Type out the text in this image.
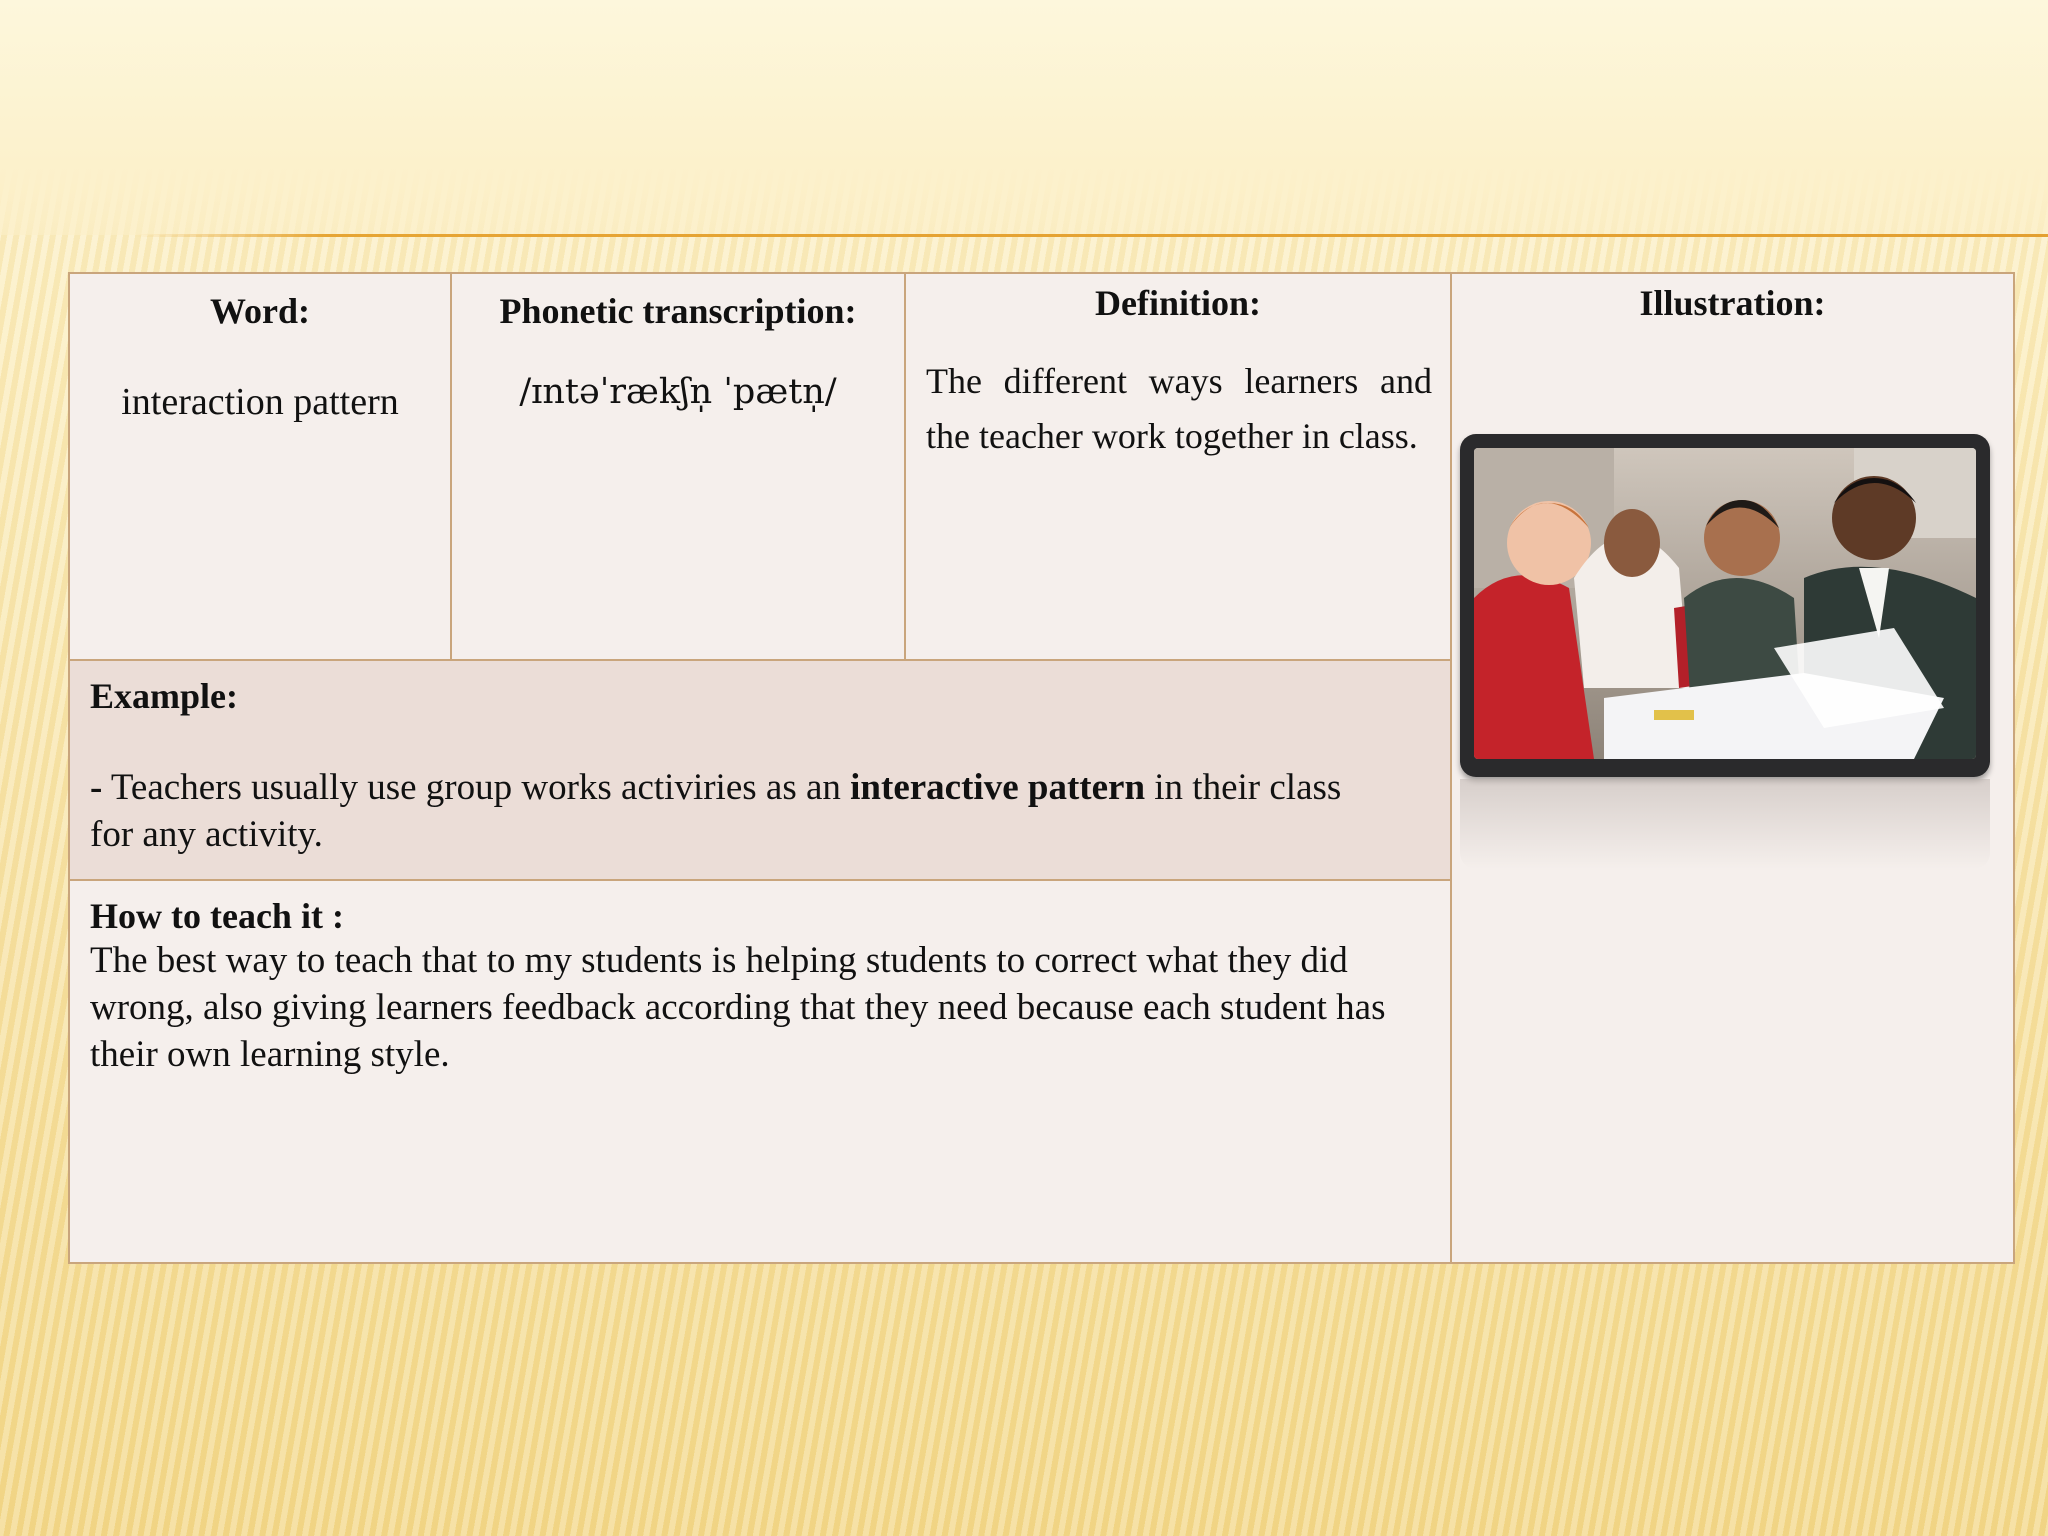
Word:
interaction pattern
Phonetic transcription:
/ɪntəˈrækʃn̩ ˈpætn̩/
Definition:
The different ways learners and the teacher work together in class.
Illustration:
Example:
- Teachers usually use group works activiries as an interactive pattern in their class for any activity.
How to teach it :
The best way to teach that to my students is helping students to correct what they did wrong, also giving learners feedback according that they need because each student has their own learning style.
